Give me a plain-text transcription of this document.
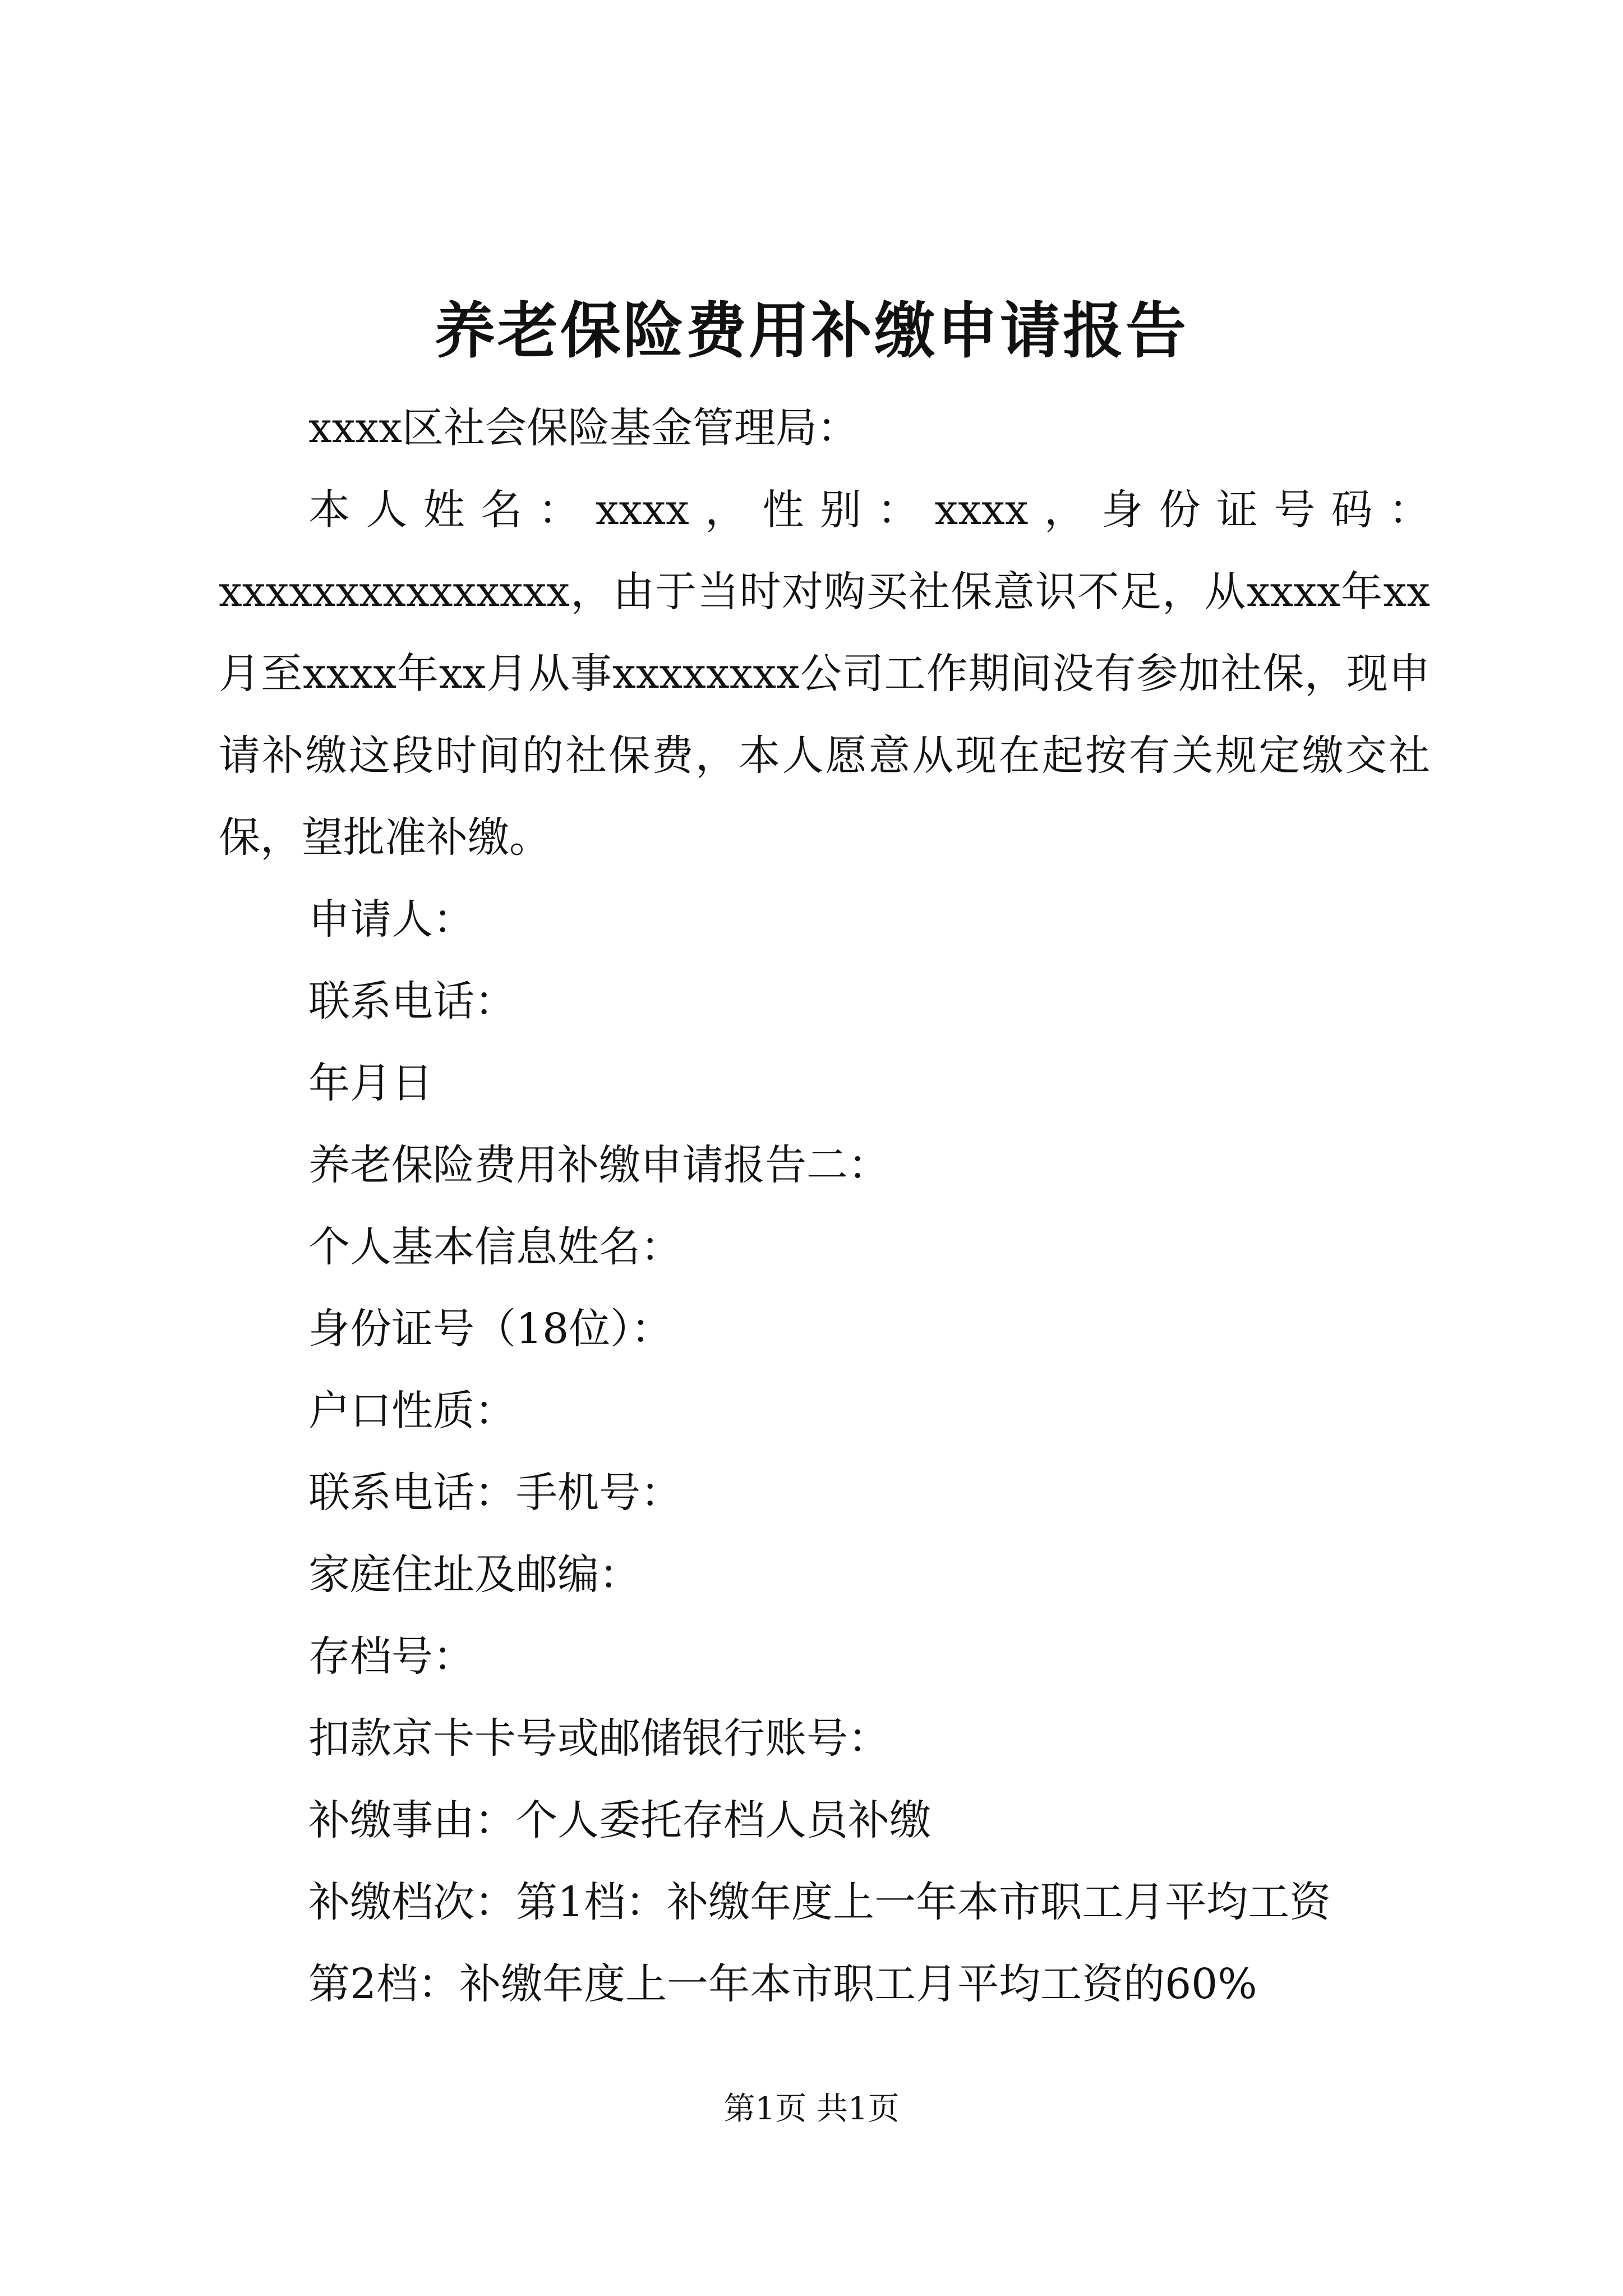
养老保险费用补缴申请报告

xxxx区社会保险基金管理局：

本人姓名：xxxx，性别：xxxx，身份证号码：xxxxxxxxxxxxxxx，由于当时对购买社保意识不足，从xxxx年xx月至xxxx年xx月从事xxxxxxxx公司工作期间没有参加社保，现申请补缴这段时间的社保费，本人愿意从现在起按有关规定缴交社保，望批准补缴。

申请人：

联系电话：

年月日

养老保险费用补缴申请报告二：

个人基本信息姓名：

身份证号（18位）：

户口性质：

联系电话：手机号：

家庭住址及邮编：

存档号：

扣款京卡卡号或邮储银行账号：

补缴事由：个人委托存档人员补缴

补缴档次：第1档：补缴年度上一年本市职工月平均工资

第2档：补缴年度上一年本市职工月平均工资的60%

第1页 共1页
